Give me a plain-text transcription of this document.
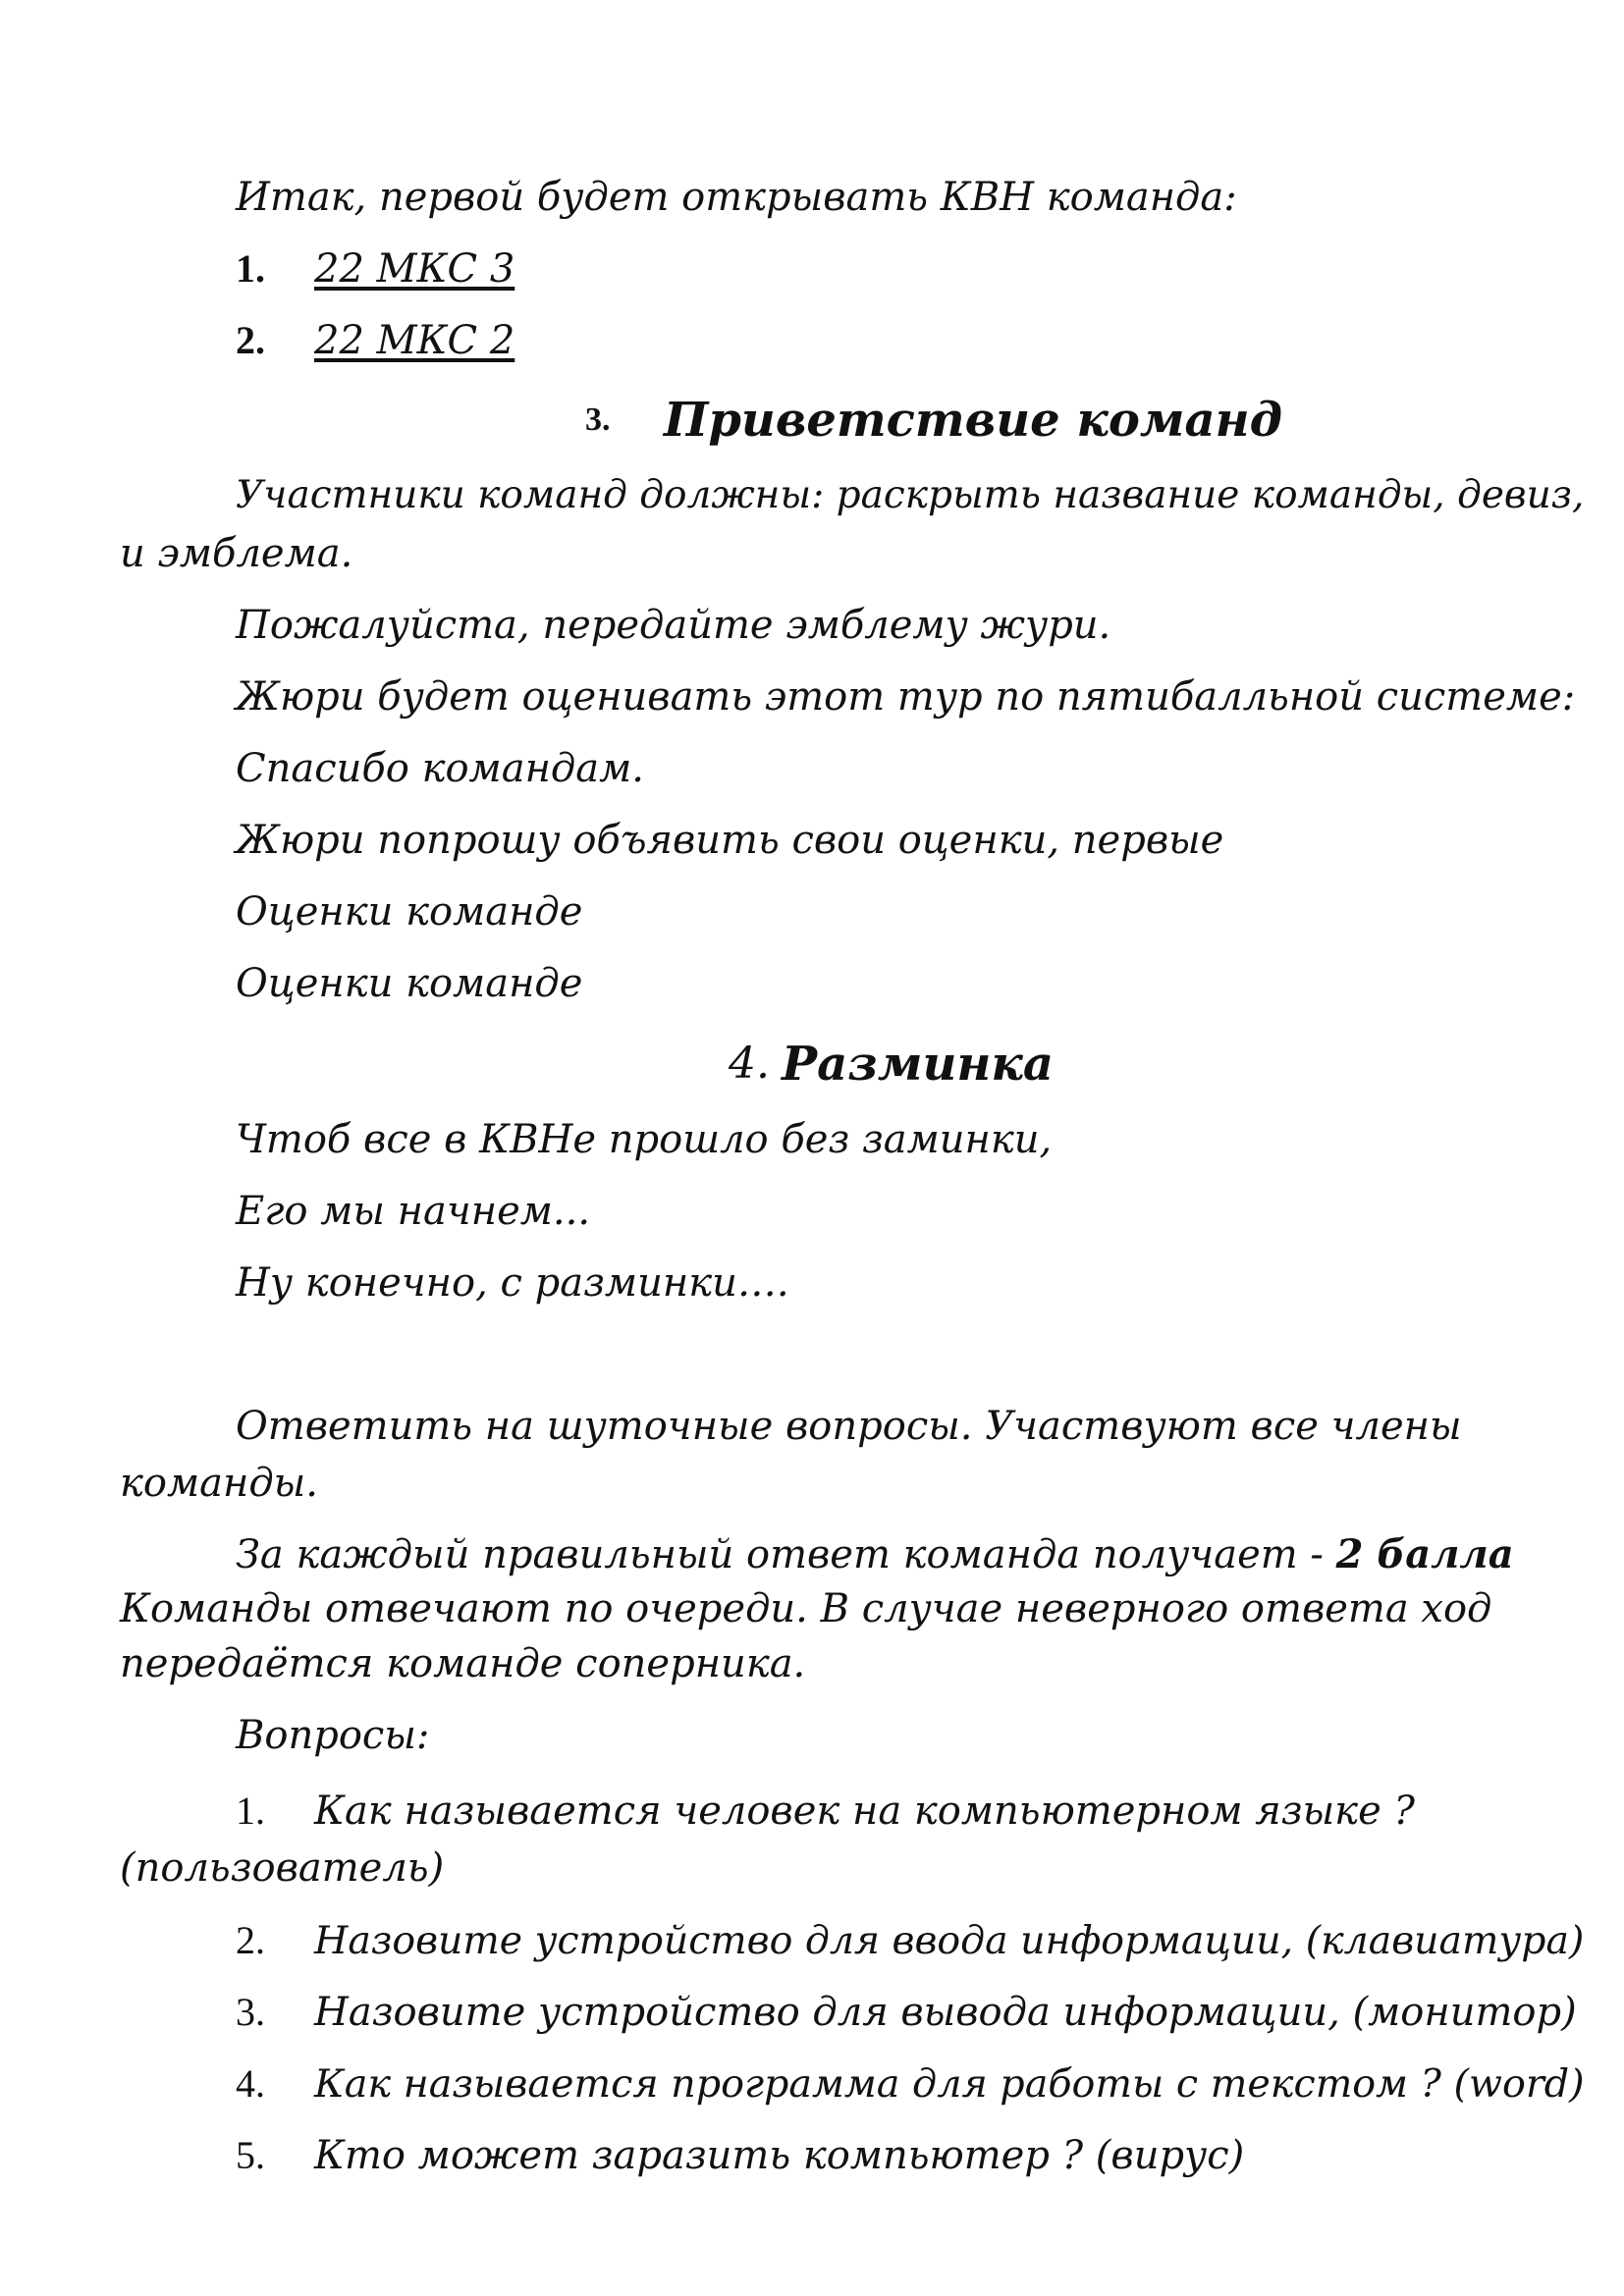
Итак, первой будет открывать КВН команда:
1. 22 МКС 3
2. 22 МКС 2
3. Приветствие команд
Участники команд должны: раскрыть название команды, девиз,
и эмблема.
Пожалуйста, передайте эмблему жури.
Жюри будет оценивать этот тур по пятибалльной системе:
Спасибо командам.
Жюри попрошу объявить свои оценки, первые
Оценки команде
Оценки команде
4. Разминка
Чтоб все в КВНе прошло без заминки,
Его мы начнем...
Ну конечно, с разминки….
Ответить на шуточные вопросы. Участвуют все члены
команды.
За каждый правильный ответ команда получает - 2 балла
Команды отвечают по очереди. В случае неверного ответа ход
передаётся команде соперника.
Вопросы:
1. Как называется человек на компьютерном языке ?
(пользователь)
2. Назовите устройство для ввода информации, (клавиатура)
3. Назовите устройство для вывода информации, (монитор)
4. Как называется программа для работы с текстом ? (word)
5. Кто может заразить компьютер ? (вирус)
